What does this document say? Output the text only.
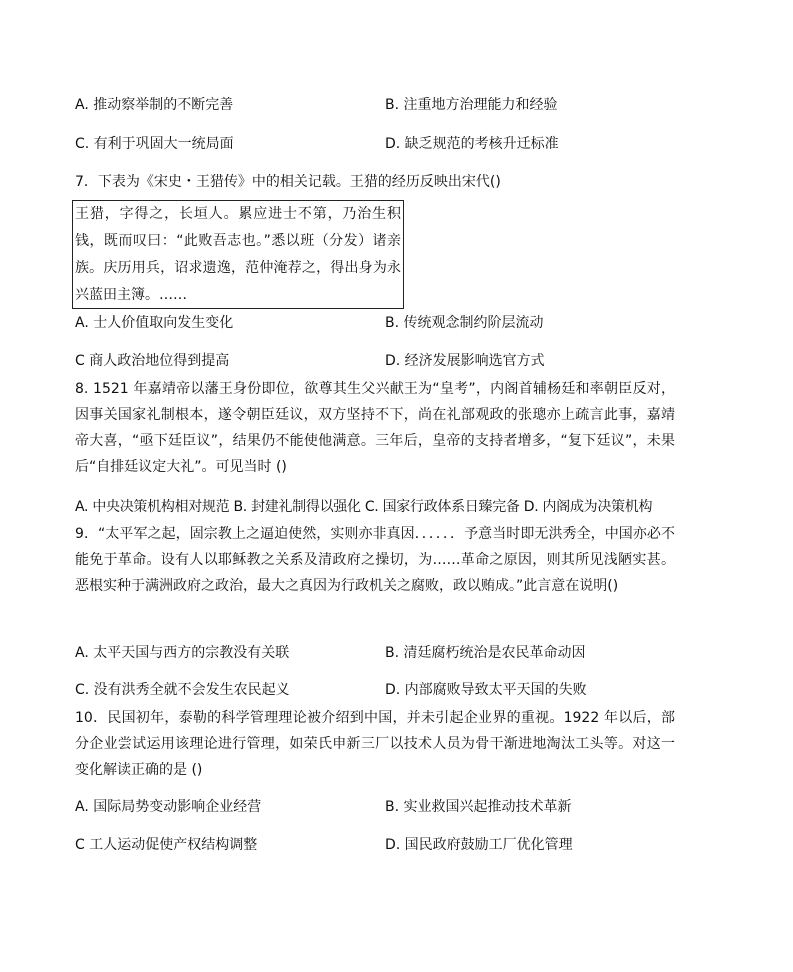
A. 推动察举制的不断完善	B. 注重地方治理能力和经验
C. 有利于巩固大一统局面	D. 缺乏规范的考核升迁标准
7．下表为《宋史・王猎传》中的相关记载。王猎的经历反映出宋代()
王猎，字得之，长垣人。累应进士不第，乃治生积钱，既而叹曰：“此败吾志也。”悉以班（分发）诸亲族。庆历用兵，诏求遗逸，范仲淹荐之，得出身为永兴蓝田主簿。……
A. 士人价值取向发生变化	B. 传统观念制约阶层流动
C 商人政治地位得到提高	D. 经济发展影响选官方式
8. 1521 年嘉靖帝以藩王身份即位，欲尊其生父兴献王为“皇考”，内阁首辅杨廷和率朝臣反对，因事关国家礼制根本，遂令朝臣廷议，双方坚持不下，尚在礼部观政的张璁亦上疏言此事，嘉靖帝大喜，“亟下廷臣议”，结果仍不能使他满意。三年后，皇帝的支持者增多，“复下廷议”，未果后“自排廷议定大礼”。可见当时 ()
A. 中央决策机构相对规范 B. 封建礼制得以强化 C. 国家行政体系日臻完备 D. 内阁成为决策机构
9．“太平军之起，固宗教上之逼迫使然，实则亦非真因．．．．．．予意当时即无洪秀全，中国亦必不能免于革命。设有人以耶稣教之关系及清政府之操切，为……革命之原因，则其所见浅陋实甚。恶根实种于满洲政府之政治，最大之真因为行政机关之腐败，政以贿成。”此言意在说明()
A. 太平天国与西方的宗教没有关联	B. 清廷腐朽统治是农民革命动因
C. 没有洪秀全就不会发生农民起义	D. 内部腐败导致太平天国的失败
10．民国初年，泰勒的科学管理理论被介绍到中国，并未引起企业界的重视。1922 年以后，部分企业尝试运用该理论进行管理，如荣氏申新三厂以技术人员为骨干渐进地淘汰工头等。对这一变化解读正确的是 ()
A. 国际局势变动影响企业经营	B. 实业救国兴起推动技术革新
C 工人运动促使产权结构调整	D. 国民政府鼓励工厂优化管理
